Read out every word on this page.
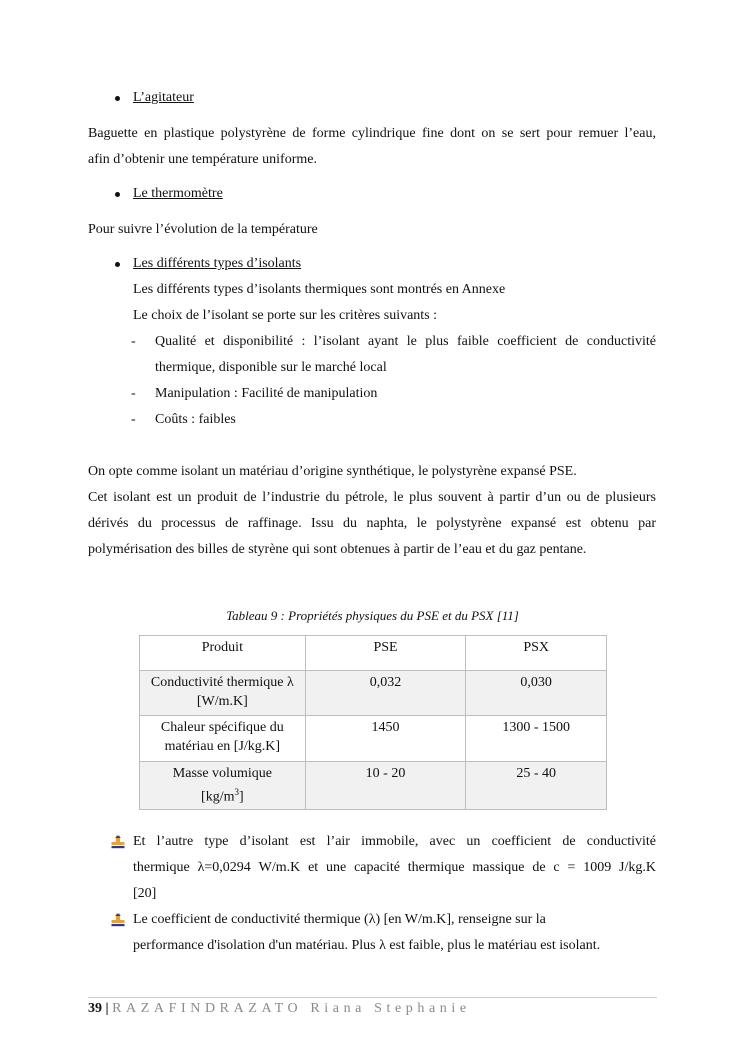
L’agitateur
Baguette en plastique polystyrène de forme cylindrique fine dont on se sert pour remuer l’eau,
afin d’obtenir une température uniforme.
Le thermomètre
Pour suivre l’évolution de la température
Les différents types d’isolants
Les différents types d’isolants thermiques sont montrés en Annexe
Le choix de l’isolant se porte sur les critères suivants :
- Qualité et disponibilité : l’isolant ayant le plus faible coefficient de conductivité
thermique, disponible sur le marché local
- Manipulation : Facilité de manipulation
- Coûts : faibles
On opte comme isolant un matériau d’origine synthétique, le polystyrène expansé PSE.
Cet isolant est un produit de l’industrie du pétrole, le plus souvent à partir d’un ou de plusieurs
dérivés du processus de raffinage. Issu du naphta, le polystyrène expansé est obtenu par
polymérisation des billes de styrène qui sont obtenues à partir de l’eau et du gaz pentane.
Tableau 9 : Propriétés physiques du PSE et du PSX [11]
Produit	PSE	PSX
Conductivité thermique λ
[W/m.K]	0,032	0,030
Chaleur spécifique du
matériau en [J/kg.K]	1450	1300 - 1500
Masse volumique
$[kg/m^3]$	10 - 20	25 - 40
Et l’autre type d’isolant est l’air immobile, avec un coefficient de conductivité
thermique λ=0,0294 W/m.K et une capacité thermique massique de c = 1009 J/kg.K
[20]
Le coefficient de conductivité thermique (λ) [en W/m.K], renseigne sur la
performance d'isolation d'un matériau. Plus λ est faible, plus le matériau est isolant.
39 | RAZAFINDRAZATO Riana Stephanie
